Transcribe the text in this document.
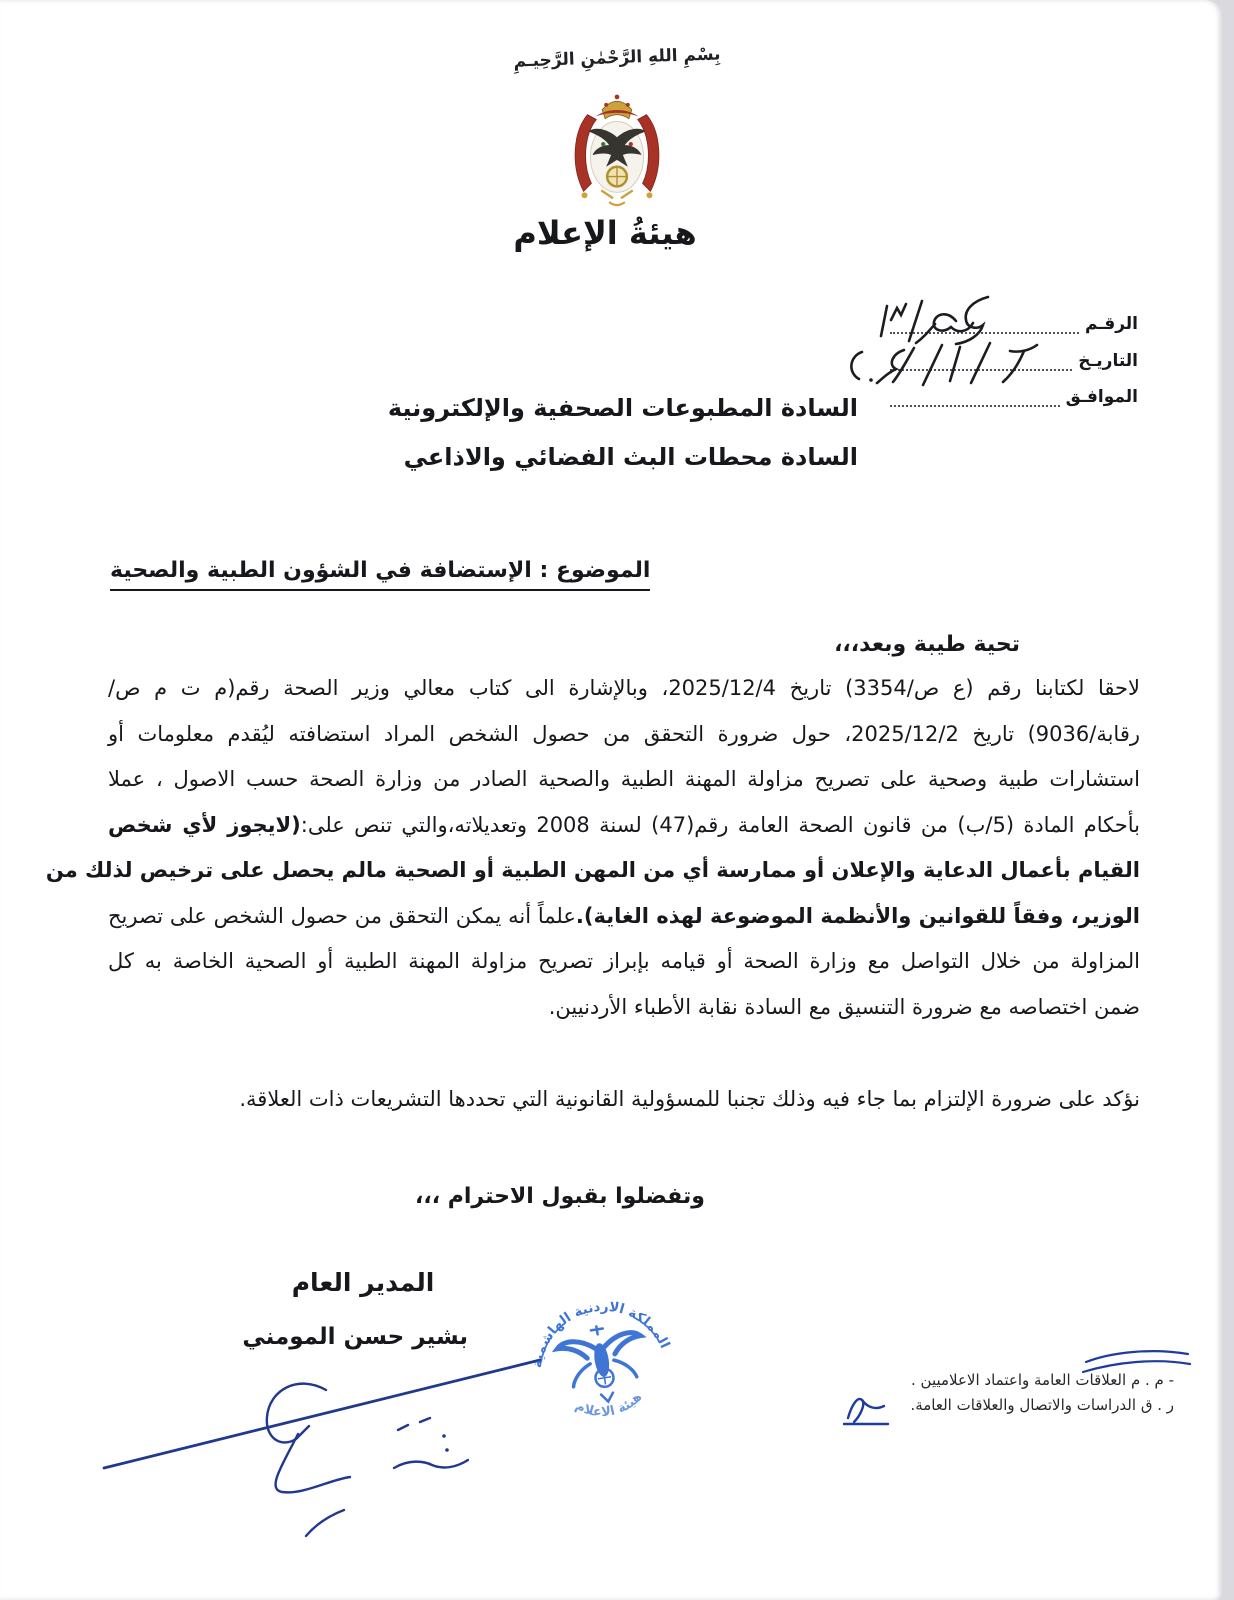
بِسْمِ اللهِ الرَّحْمٰنِ الرَّحِيـمِ
هيئةُ الإعلام
الرقـم
التاريـخ
الموافـق
السادة المطبوعات الصحفية والإلكترونية
السادة محطات البث الفضائي والاذاعي
الموضوع : الإستضافة في الشؤون الطبية والصحية
تحية طيبة وبعد،،،
لاحقا لكتابنا رقم (ع ص/3354) تاريخ 2025/12/4، وبالإشارة الى كتاب معالي وزير الصحة رقم(م ت م ص/
رقابة/9036) تاريخ 2025/12/2، حول ضرورة التحقق من حصول الشخص المراد استضافته ليُقدم معلومات أو
استشارات طبية وصحية على تصريح مزاولة المهنة الطبية والصحية الصادر من وزارة الصحة حسب الاصول ، عملا
بأحكام المادة (5/ب) من قانون الصحة العامة رقم(47) لسنة 2008 وتعديلاته،والتي تنص على:(لايجوز لأي شخص
القيام بأعمال الدعاية والإعلان أو ممارسة أي من المهن الطبية أو الصحية مالم يحصل على ترخيص لذلك من
الوزير، وفقاً للقوانين والأنظمة الموضوعة لهذه الغاية).علماً أنه يمكن التحقق من حصول الشخص على تصريح
المزاولة من خلال التواصل مع وزارة الصحة أو قيامه بإبراز تصريح مزاولة المهنة الطبية أو الصحية الخاصة به كل
ضمن اختصاصه مع ضرورة التنسيق مع السادة نقابة الأطباء الأردنيين.
نؤكد على ضرورة الإلتزام بما جاء فيه وذلك تجنبا للمسؤولية القانونية التي تحددها التشريعات ذات العلاقة.
وتفضلوا بقبول الاحترام ،،،
المدير العام
بشير حسن المومني
المملكة الاردنية الهاشمية
هيئة الاعلام
- م . م العلاقات العامة واعتماد الاعلاميين .
ر . ق الدراسات والاتصال والعلاقات العامة.
